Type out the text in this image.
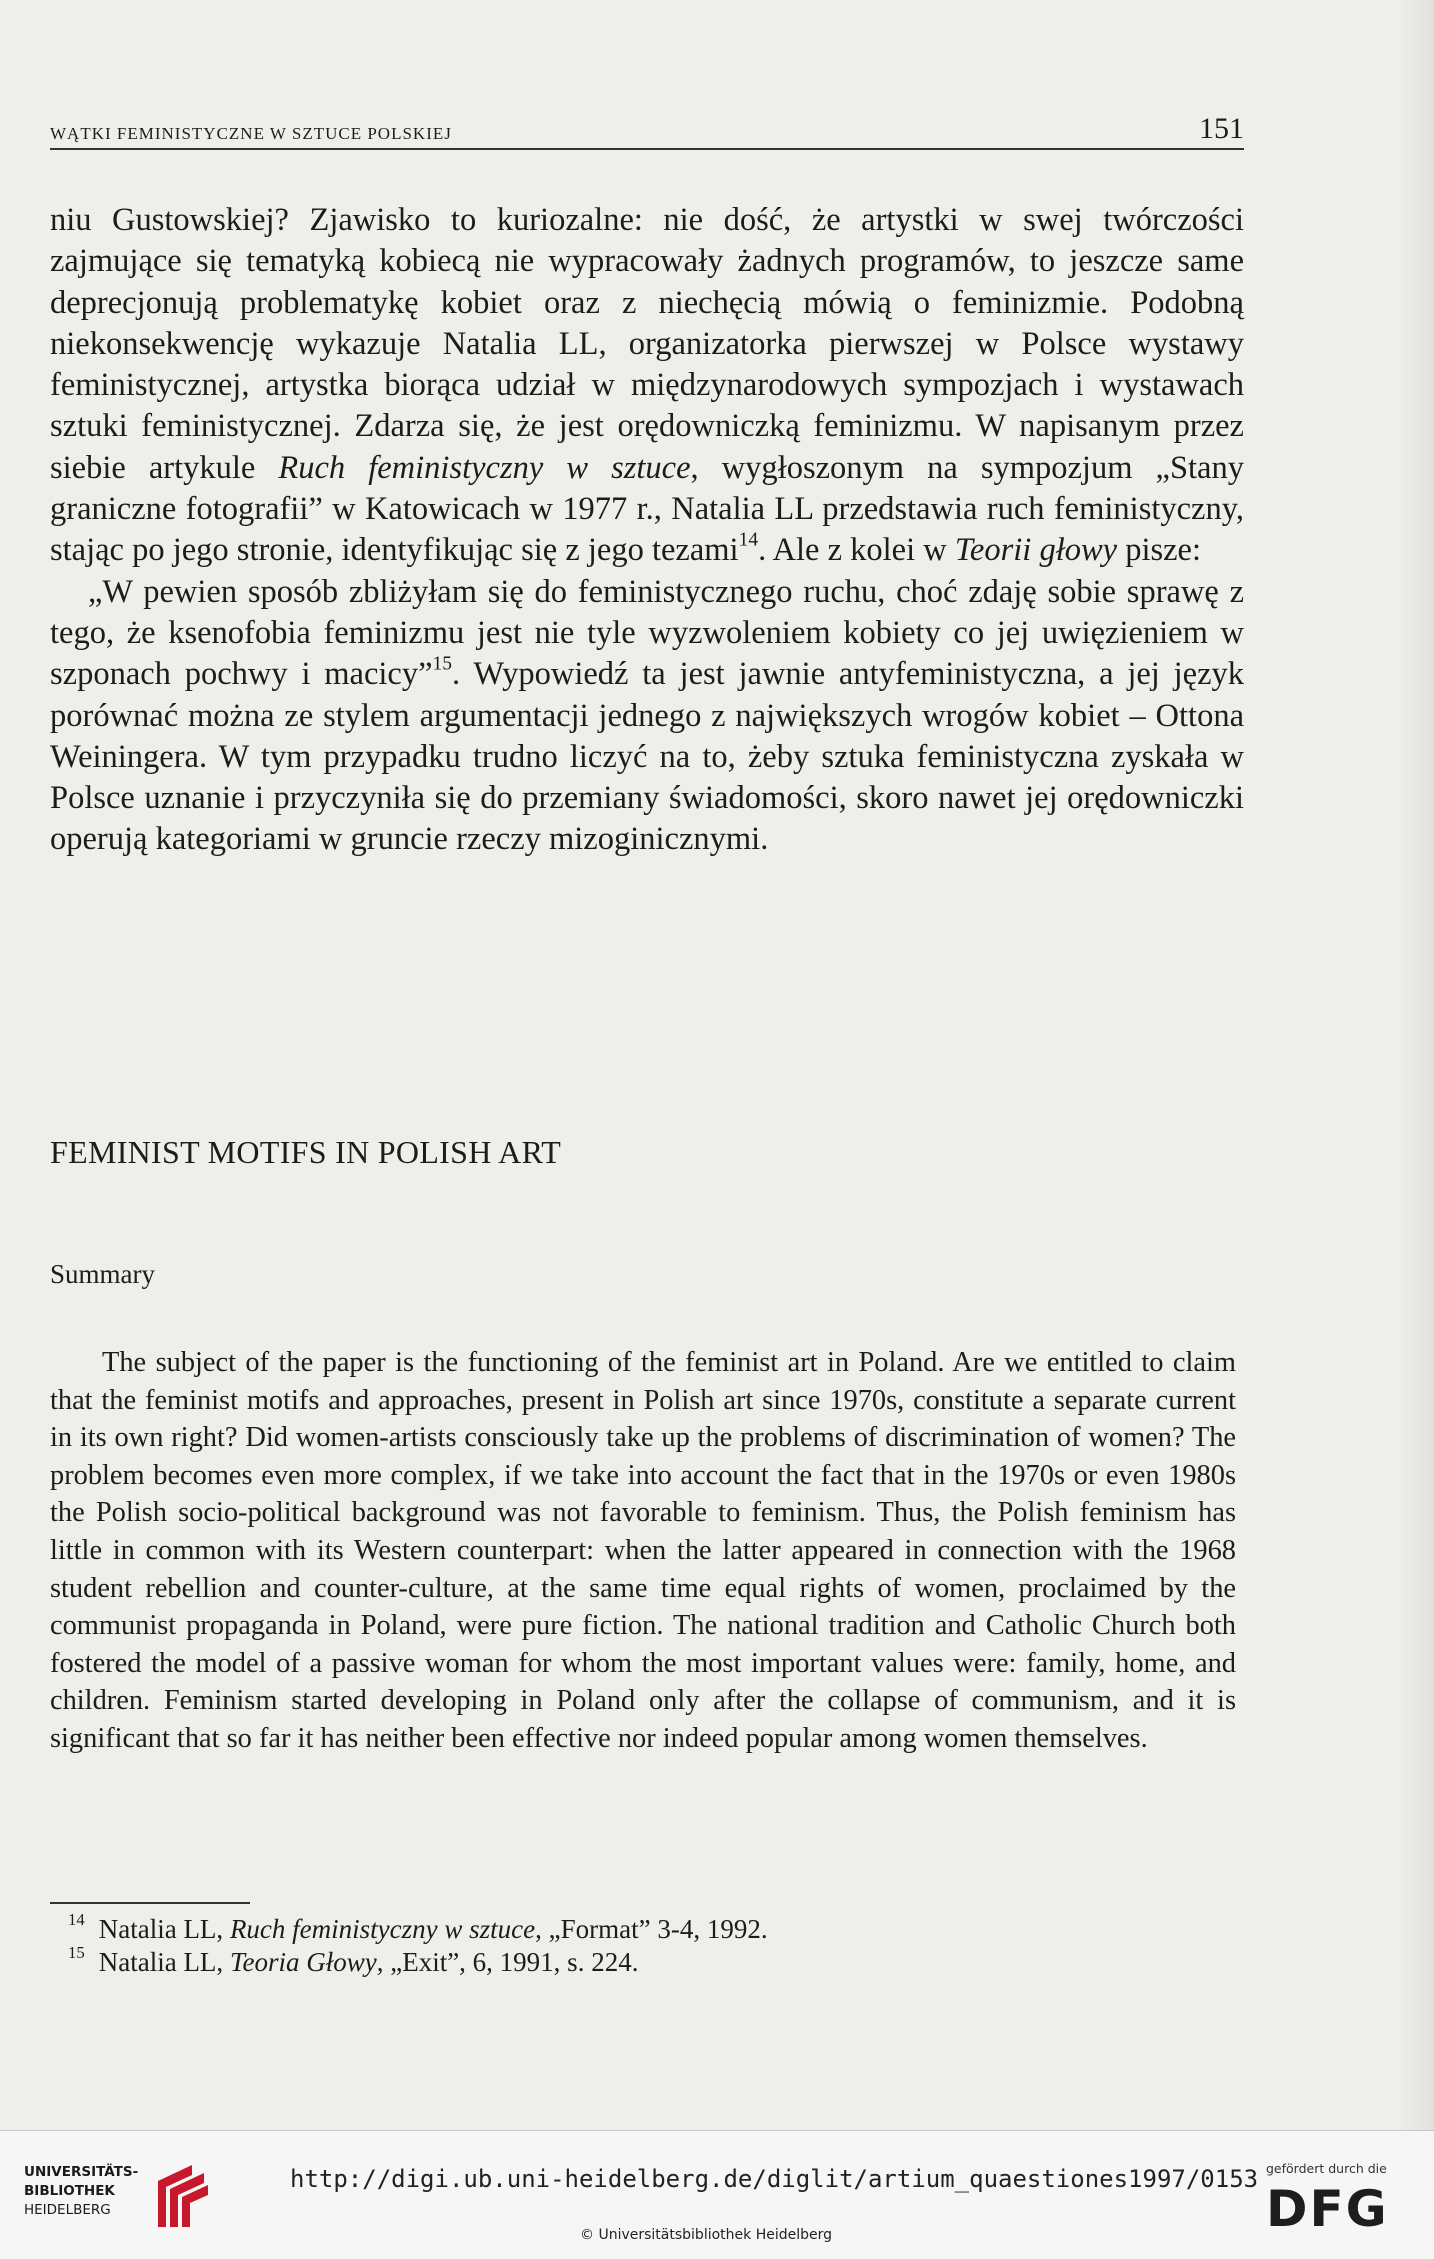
WĄTKI FEMINISTYCZNE W SZTUCE POLSKIEJ	151

niu Gustowskiej? Zjawisko to kuriozalne: nie dość, że artystki w swej twórczości zajmujące się tematyką kobiecą nie wypracowały żadnych programów, to jeszcze same deprecjonują problematykę kobiet oraz z niechęcią mówią o feminizmie. Podobną niekonsekwencję wykazuje Natalia LL, organizatorka pierwszej w Polsce wystawy feministycznej, artystka biorąca udział w międzynarodowych sympozjach i wystawach sztuki feministycznej. Zdarza się, że jest orędowniczką feminizmu. W napisanym przez siebie artykule Ruch feministyczny w sztuce, wygłoszonym na sympozjum „Stany graniczne fotografii” w Katowicach w 1977 r., Natalia LL przedstawia ruch feministyczny, stając po jego stronie, identyfikując się z jego tezami$^{14}$. Ale z kolei w Teorii głowy pisze:

„W pewien sposób zbliżyłam się do feministycznego ruchu, choć zdaję sobie sprawę z tego, że ksenofobia feminizmu jest nie tyle wyzwoleniem kobiety co jej uwięzieniem w szponach pochwy i macicy”$^{15}$. Wypowiedź ta jest jawnie antyfeministyczna, a jej język porównać można ze stylem argumentacji jednego z największych wrogów kobiet – Ottona Weiningera. W tym przypadku trudno liczyć na to, żeby sztuka feministyczna zyskała w Polsce uznanie i przyczyniła się do przemiany świadomości, skoro nawet jej orędowniczki operują kategoriami w gruncie rzeczy mizoginicznymi.

FEMINIST MOTIFS IN POLISH ART
Summary

The subject of the paper is the functioning of the feminist art in Poland. Are we entitled to claim that the feminist motifs and approaches, present in Polish art since 1970s, constitute a separate current in its own right? Did women-artists consciously take up the problems of discrimination of women? The problem becomes even more complex, if we take into account the fact that in the 1970s or even 1980s the Polish socio-political background was not favorable to feminism. Thus, the Polish feminism has little in common with its Western counterpart: when the latter appeared in connection with the 1968 student rebellion and counter-culture, at the same time equal rights of women, proclaimed by the communist propaganda in Poland, were pure fiction. The national tradition and Catholic Church both fostered the model of a passive woman for whom the most important values were: family, home, and children. Feminism started developing in Poland only after the collapse of communism, and it is significant that so far it has neither been effective nor indeed popular among women themselves.

$^{14}$ Natalia LL, Ruch feministyczny w sztuce, „Format” 3-4, 1992.
$^{15}$ Natalia LL, Teoria Głowy, „Exit”, 6, 1991, s. 224.
UNIVERSITÄTS-
BIBLIOTHEK
HEIDELBERG
http://digi.ub.uni-heidelberg.de/diglit/artium_quaestiones1997/0153
© Universitätsbibliothek Heidelberg
gefördert durch die
DFG
